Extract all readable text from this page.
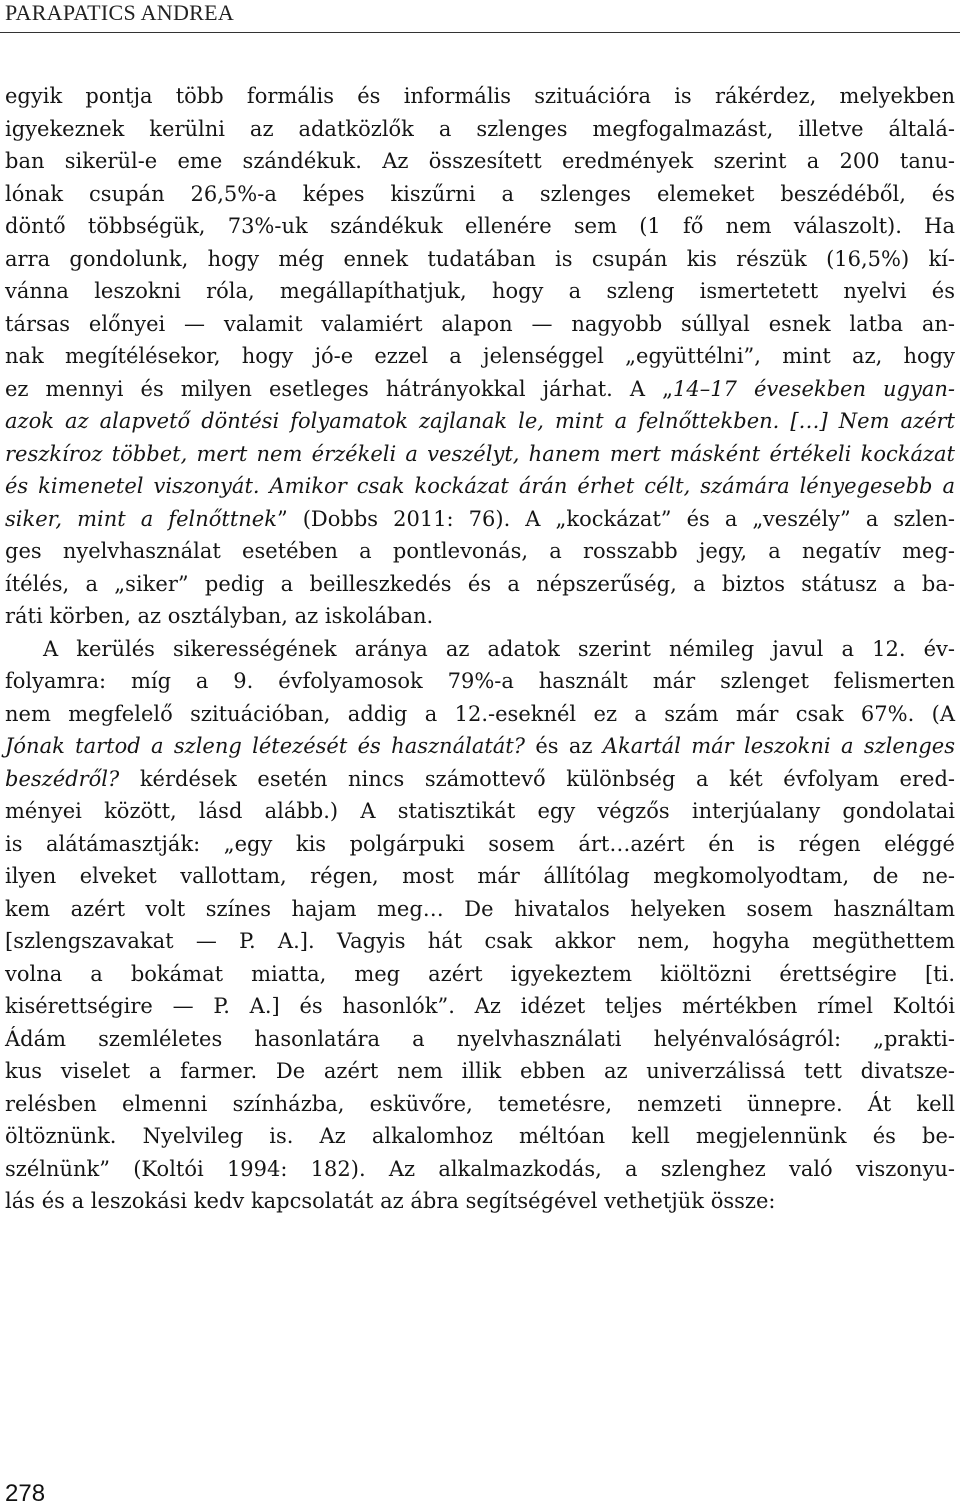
PARAPATICS ANDREA
egyik pontja több formális és informális szituációra is rákérdez, melyekben
igyekeznek kerülni az adatközlők a szlenges megfogalmazást, illetve általá-
ban sikerül-e eme szándékuk. Az összesített eredmények szerint a 200 tanu-
lónak csupán 26,5%-a képes kiszűrni a szlenges elemeket beszédéből, és
döntő többségük, 73%-uk szándékuk ellenére sem (1 fő nem válaszolt). Ha
arra gondolunk, hogy még ennek tudatában is csupán kis részük (16,5%) kí-
vánna leszokni róla, megállapíthatjuk, hogy a szleng ismertetett nyelvi és
társas előnyei — valamit valamiért alapon — nagyobb súllyal esnek latba an-
nak megítélésekor, hogy jó-e ezzel a jelenséggel „együttélni”, mint az, hogy
ez mennyi és milyen esetleges hátrányokkal járhat. A „14–17 évesekben ugyan-
azok az alapvető döntési folyamatok zajlanak le, mint a felnőttekben. […] Nem azért
reszkíroz többet, mert nem érzékeli a veszélyt, hanem mert másként értékeli kockázat
és kimenetel viszonyát. Amikor csak kockázat árán érhet célt, számára lényegesebb a
siker, mint a felnőttnek” (Dobbs 2011: 76). A „kockázat” és a „veszély” a szlen-
ges nyelvhasználat esetében a pontlevonás, a rosszabb jegy, a negatív meg-
ítélés, a „siker” pedig a beilleszkedés és a népszerűség, a biztos státusz a ba-
ráti körben, az osztályban, az iskolában.
A kerülés sikerességének aránya az adatok szerint némileg javul a 12. év-
folyamra: míg a 9. évfolyamosok 79%-a használt már szlenget felismerten
nem megfelelő szituációban, addig a 12.-eseknél ez a szám már csak 67%. (A
Jónak tartod a szleng létezését és használatát? és az Akartál már leszokni a szlenges
beszédről? kérdések esetén nincs számottevő különbség a két évfolyam ered-
ményei között, lásd alább.) A statisztikát egy végzős interjúalany gondolatai
is alátámasztják: „egy kis polgárpuki sosem árt…azért én is régen eléggé
ilyen elveket vallottam, régen, most már állítólag megkomolyodtam, de ne-
kem azért volt színes hajam meg… De hivatalos helyeken sosem használtam
[szlengszavakat — P. A.]. Vagyis hát csak akkor nem, hogyha megüthettem
volna a bokámat miatta, meg azért igyekeztem kiöltözni érettségire [ti.
kisérettségire — P. A.] és hasonlók”. Az idézet teljes mértékben rímel Koltói
Ádám szemléletes hasonlatára a nyelvhasználati helyénvalóságról: „prakti-
kus viselet a farmer. De azért nem illik ebben az univerzálissá tett divatsze-
relésben elmenni színházba, esküvőre, temetésre, nemzeti ünnepre. Át kell
öltöznünk. Nyelvileg is. Az alkalomhoz méltóan kell megjelennünk és be-
szélnünk” (Koltói 1994: 182). Az alkalmazkodás, a szlenghez való viszonyu-
lás és a leszokási kedv kapcsolatát az ábra segítségével vethetjük össze:
278
